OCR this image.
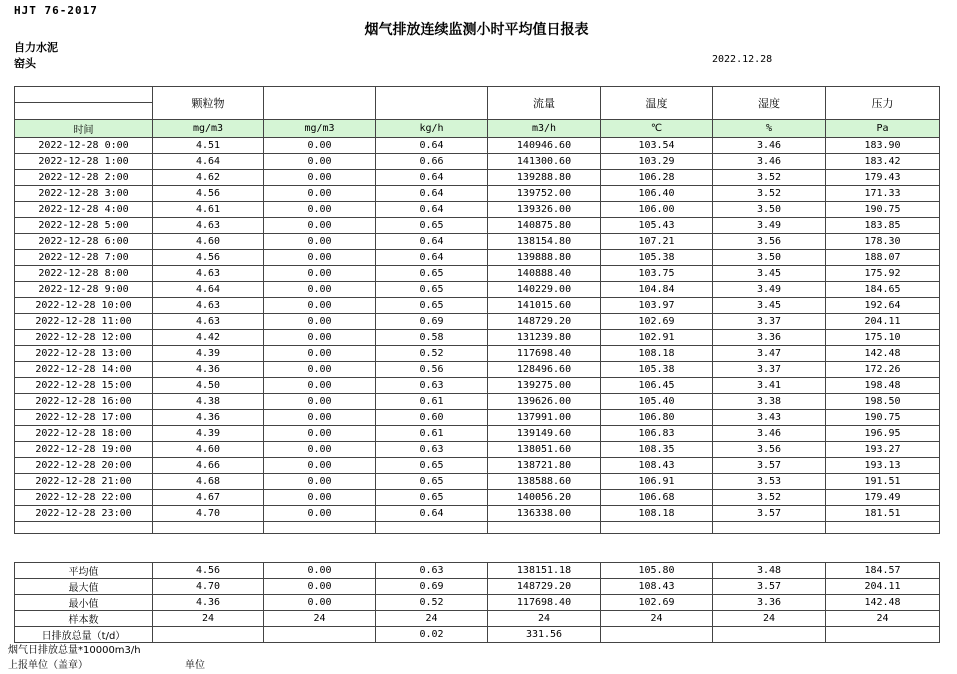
HJT 76-2017
烟气排放连续监测小时平均值日报表
自力水泥
窑头	2022.12.28
	颗粒物			流量	温度	湿度	压力
时间	mg/m3	mg/m3	kg/h	m3/h	℃	%	Pa
2022-12-28 0:00	4.51	0.00	0.64	140946.60	103.54	3.46	183.90
2022-12-28 1:00	4.64	0.00	0.66	141300.60	103.29	3.46	183.42
2022-12-28 2:00	4.62	0.00	0.64	139288.80	106.28	3.52	179.43
2022-12-28 3:00	4.56	0.00	0.64	139752.00	106.40	3.52	171.33
2022-12-28 4:00	4.61	0.00	0.64	139326.00	106.00	3.50	190.75
2022-12-28 5:00	4.63	0.00	0.65	140875.80	105.43	3.49	183.85
2022-12-28 6:00	4.60	0.00	0.64	138154.80	107.21	3.56	178.30
2022-12-28 7:00	4.56	0.00	0.64	139888.80	105.38	3.50	188.07
2022-12-28 8:00	4.63	0.00	0.65	140888.40	103.75	3.45	175.92
2022-12-28 9:00	4.64	0.00	0.65	140229.00	104.84	3.49	184.65
2022-12-28 10:00	4.63	0.00	0.65	141015.60	103.97	3.45	192.64
2022-12-28 11:00	4.63	0.00	0.69	148729.20	102.69	3.37	204.11
2022-12-28 12:00	4.42	0.00	0.58	131239.80	102.91	3.36	175.10
2022-12-28 13:00	4.39	0.00	0.52	117698.40	108.18	3.47	142.48
2022-12-28 14:00	4.36	0.00	0.56	128496.60	105.38	3.37	172.26
2022-12-28 15:00	4.50	0.00	0.63	139275.00	106.45	3.41	198.48
2022-12-28 16:00	4.38	0.00	0.61	139626.00	105.40	3.38	198.50
2022-12-28 17:00	4.36	0.00	0.60	137991.00	106.80	3.43	190.75
2022-12-28 18:00	4.39	0.00	0.61	139149.60	106.83	3.46	196.95
2022-12-28 19:00	4.60	0.00	0.63	138051.60	108.35	3.56	193.27
2022-12-28 20:00	4.66	0.00	0.65	138721.80	108.43	3.57	193.13
2022-12-28 21:00	4.68	0.00	0.65	138588.60	106.91	3.53	191.51
2022-12-28 22:00	4.67	0.00	0.65	140056.20	106.68	3.52	179.49
2022-12-28 23:00	4.70	0.00	0.64	136338.00	108.18	3.57	181.51

平均值	4.56	0.00	0.63	138151.18	105.80	3.48	184.57
最大值	4.70	0.00	0.69	148729.20	108.43	3.57	204.11
最小值	4.36	0.00	0.52	117698.40	102.69	3.36	142.48
样本数	24	24	24	24	24	24	24
日排放总量（t/d）			0.02	331.56			
烟气日排放总量*10000m3/h
上报单位（盖章）	单位
